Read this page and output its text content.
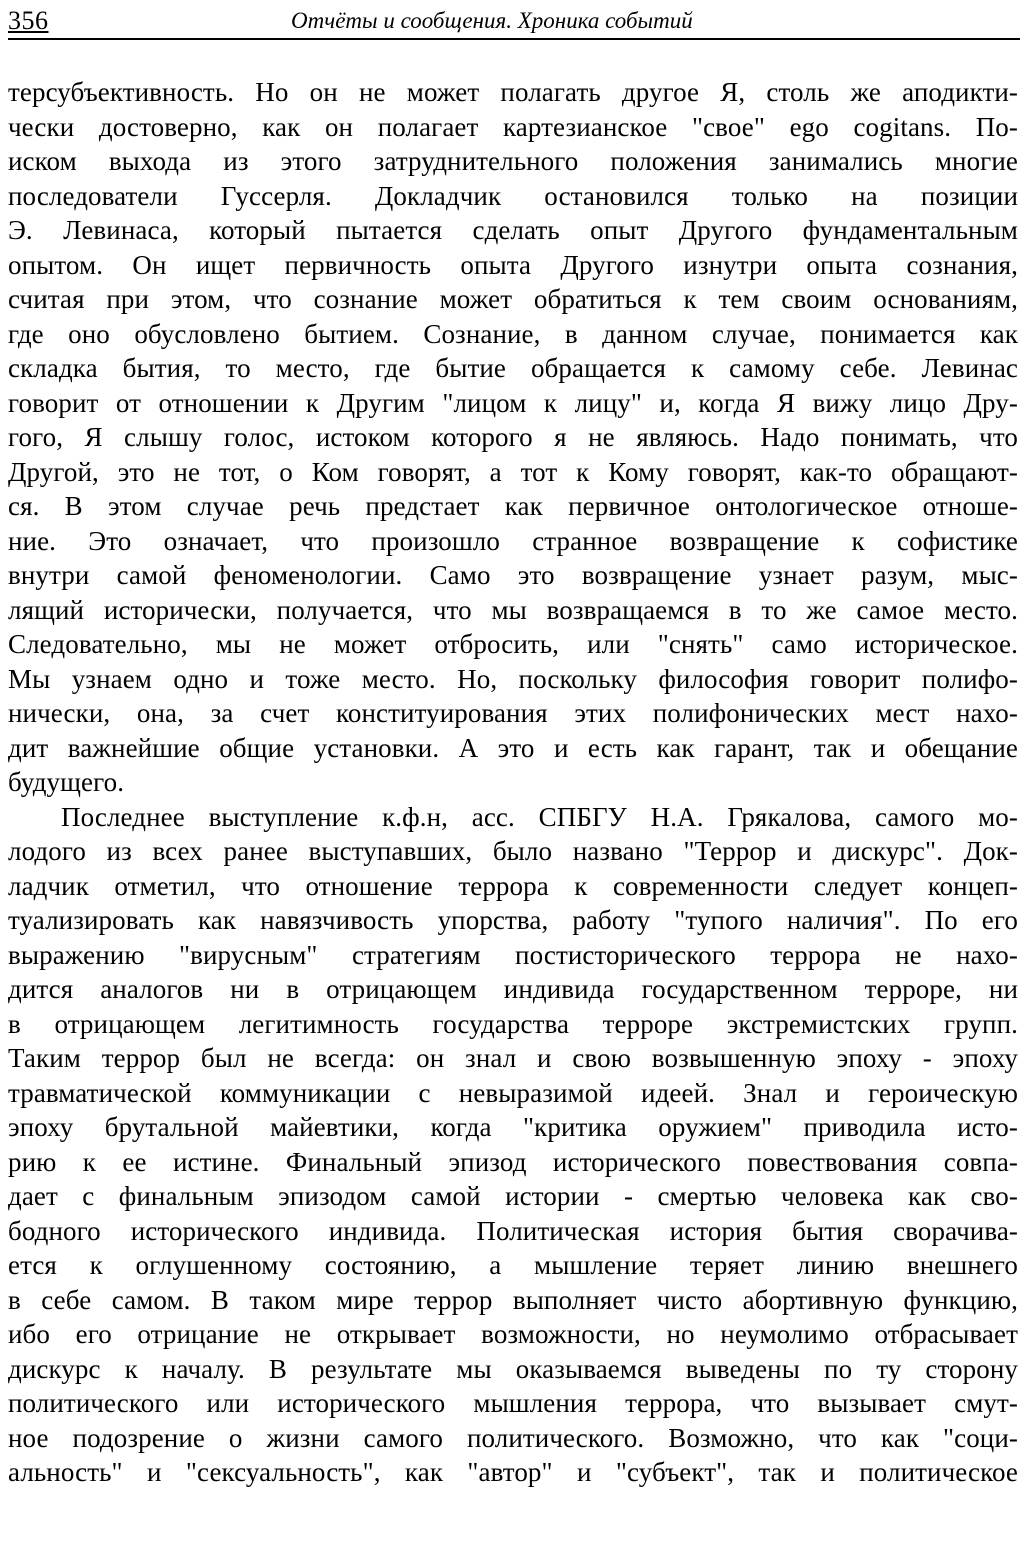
356	Отчёты и сообщения. Хроника событий
терсубъективность. Но он не может полагать другое Я, столь же аподикти-
чески достоверно, как он полагает картезианское "свое" ego cogitans. По-
иском выхода из этого затруднительного положения занимались многие
последователи Гуссерля. Докладчик остановился только на позиции
Э. Левинаса, который пытается сделать опыт Другого фундаментальным
опытом. Он ищет первичность опыта Другого изнутри опыта сознания,
считая при этом, что сознание может обратиться к тем своим основаниям,
где оно обусловлено бытием. Сознание, в данном случае, понимается как
складка бытия, то место, где бытие обращается к самому себе. Левинас
говорит от отношении к Другим "лицом к лицу" и, когда Я вижу лицо Дру-
гого, Я слышу голос, истоком которого я не являюсь. Надо понимать, что
Другой, это не тот, о Ком говорят, а тот к Кому говорят, как-то обращают-
ся. В этом случае речь предстает как первичное онтологическое отноше-
ние. Это означает, что произошло странное возвращение к софистике
внутри самой феноменологии. Само это возвращение узнает разум, мыс-
лящий исторически, получается, что мы возвращаемся в то же самое место.
Следовательно, мы не может отбросить, или "снять" само историческое.
Мы узнаем одно и тоже место. Но, поскольку философия говорит полифо-
нически, она, за счет конституирования этих полифонических мест нахо-
дит важнейшие общие установки. А это и есть как гарант, так и обещание
будущего.
Последнее выступление к.ф.н, асс. СПБГУ Н.А. Грякалова, самого мо-
лодого из всех ранее выступавших, было названо "Террор и дискурс". Док-
ладчик отметил, что отношение террора к современности следует концеп-
туализировать как навязчивость упорства, работу "тупого наличия". По его
выражению "вирусным" стратегиям постисторического террора не нахо-
дится аналогов ни в отрицающем индивида государственном терроре, ни
в отрицающем легитимность государства терроре экстремистских групп.
Таким террор был не всегда: он знал и свою возвышенную эпоху - эпоху
травматической коммуникации с невыразимой идеей. Знал и героическую
эпоху брутальной майевтики, когда "критика оружием" приводила исто-
рию к ее истине. Финальный эпизод исторического повествования совпа-
дает с финальным эпизодом самой истории - смертью человека как сво-
бодного исторического индивида. Политическая история бытия сворачива-
ется к оглушенному состоянию, а мышление теряет линию внешнего
в себе самом. В таком мире террор выполняет чисто абортивную функцию,
ибо его отрицание не открывает возможности, но неумолимо отбрасывает
дискурс к началу. В результате мы оказываемся выведены по ту сторону
политического или исторического мышления террора, что вызывает смут-
ное подозрение о жизни самого политического. Возможно, что как "соци-
альность" и "сексуальность", как "автор" и "субъект", так и политическое
